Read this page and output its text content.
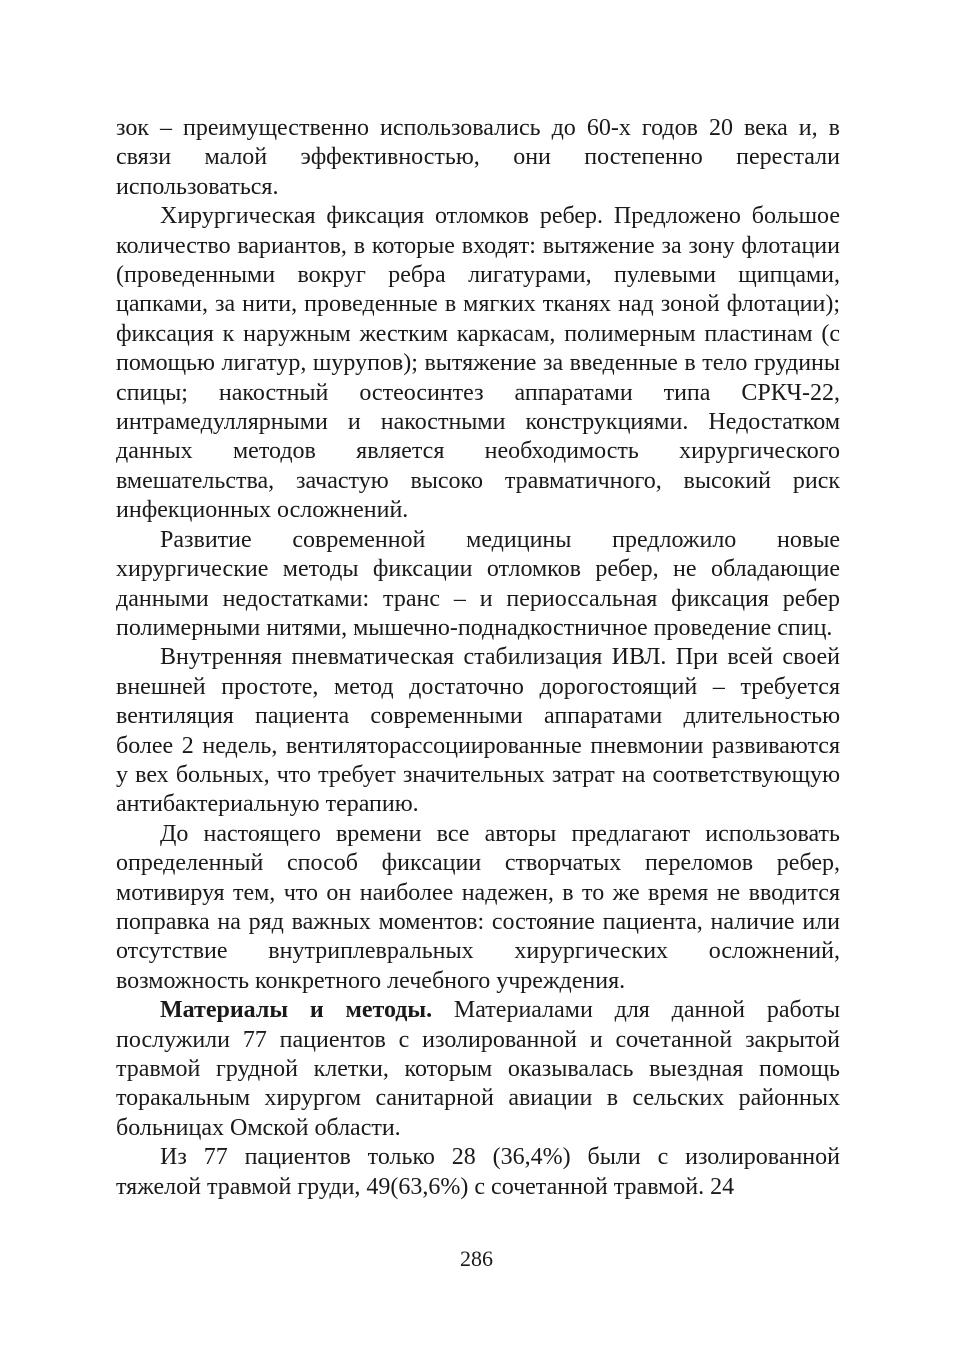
зок – преимущественно использовались до 60-х годов 20 века и, в связи малой эффективностью, они постепенно перестали использоваться.

Хирургическая фиксация отломков ребер. Предложено большое количество вариантов, в которые входят: вытяжение за зону флотации (проведенными вокруг ребра лигатурами, пулевыми щипцами, цапками, за нити, проведенные в мягких тканях над зоной флотации); фиксация к наружным жестким каркасам, полимерным пластинам (с помощью лигатур, шурупов); вытяжение за введенные в тело грудины спицы; накостный остеосинтез аппаратами типа СРКЧ-22, интрамедуллярными и накостными конструкциями. Недостатком данных методов является необходимость хирургического вмешательства, зачастую высоко травматичного, высокий риск инфекционных осложнений.

Развитие современной медицины предложило новые хирургические методы фиксации отломков ребер, не обладающие данными недостатками: транс – и периоссальная фиксация ребер полимерными нитями, мышечно-поднадкостничное проведение спиц.

Внутренняя пневматическая стабилизация ИВЛ. При всей своей внешней простоте, метод достаточно дорогостоящий – требуется вентиляция пациента современными аппаратами длительностью более 2 недель, вентиляторассоциированные пневмонии развиваются у вех больных, что требует значительных затрат на соответствующую антибактериальную терапию.

До настоящего времени все авторы предлагают использовать определенный способ фиксации створчатых переломов ребер, мотивируя тем, что он наиболее надежен, в то же время не вводится поправка на ряд важных моментов: состояние пациента, наличие или отсутствие внутриплевральных хирургических осложнений, возможность конкретного лечебного учреждения.

Материалы и методы. Материалами для данной работы послужили 77 пациентов с изолированной и сочетанной закрытой травмой грудной клетки, которым оказывалась выездная помощь торакальным хирургом санитарной авиации в сельских районных больницах Омской области.

Из 77 пациентов только 28 (36,4%) были с изолированной тяжелой травмой груди, 49(63,6%) с сочетанной травмой. 24

286
